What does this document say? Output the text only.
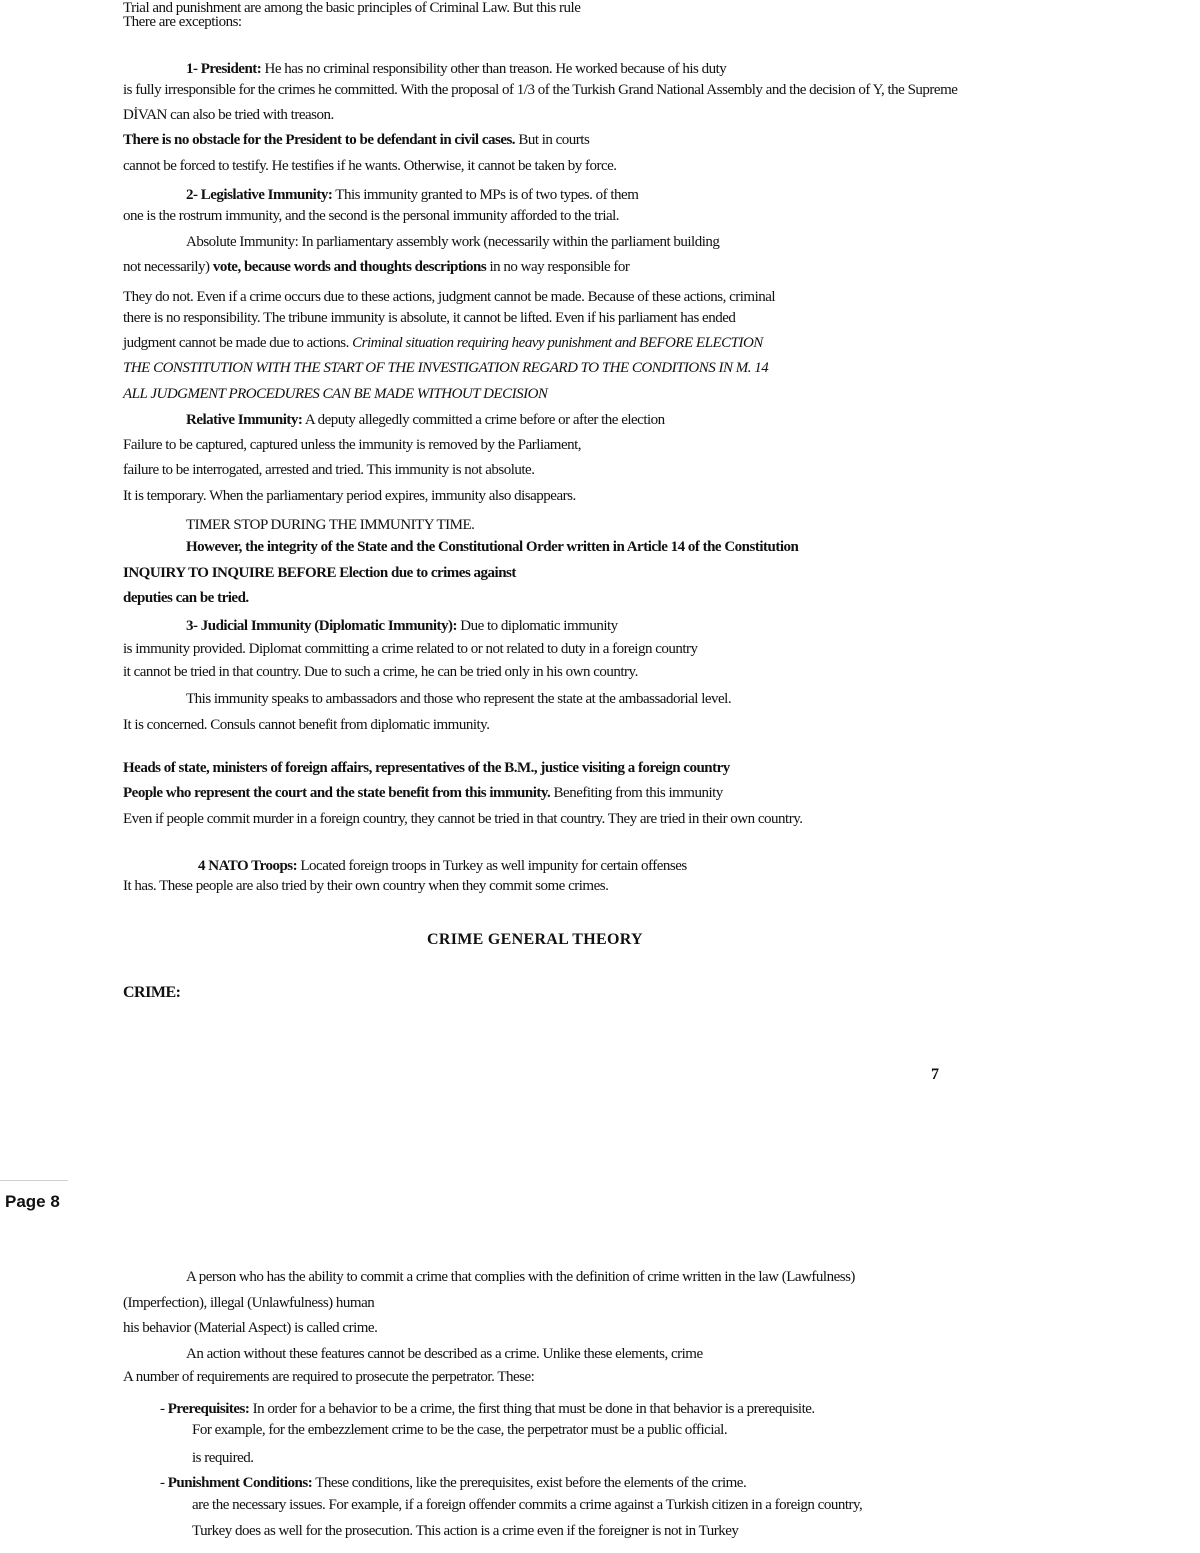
Trial and punishment are among the basic principles of Criminal Law. But this rule
There are exceptions:
1- President: He has no criminal responsibility other than treason. He worked because of his duty
is fully irresponsible for the crimes he committed. With the proposal of 1/3 of the Turkish Grand National Assembly and the decision of Y, the Supreme
DİVAN can also be tried with treason.
There is no obstacle for the President to be defendant in civil cases. But in courts
cannot be forced to testify. He testifies if he wants. Otherwise, it cannot be taken by force.
2- Legislative Immunity: This immunity granted to MPs is of two types. of them
one is the rostrum immunity, and the second is the personal immunity afforded to the trial.
Absolute Immunity: In parliamentary assembly work (necessarily within the parliament building
not necessarily) vote, because words and thoughts descriptions in no way responsible for
They do not. Even if a crime occurs due to these actions, judgment cannot be made. Because of these actions, criminal
there is no responsibility. The tribune immunity is absolute, it cannot be lifted. Even if his parliament has ended
judgment cannot be made due to actions. Criminal situation requiring heavy punishment and BEFORE ELECTION
THE CONSTITUTION WITH THE START OF THE INVESTIGATION REGARD TO THE CONDITIONS IN M. 14
ALL JUDGMENT PROCEDURES CAN BE MADE WITHOUT DECISION
Relative Immunity: A deputy allegedly committed a crime before or after the election
Failure to be captured, captured unless the immunity is removed by the Parliament,
failure to be interrogated, arrested and tried. This immunity is not absolute.
It is temporary. When the parliamentary period expires, immunity also disappears.
TIMER STOP DURING THE IMMUNITY TIME.
However, the integrity of the State and the Constitutional Order written in Article 14 of the Constitution
INQUIRY TO INQUIRE BEFORE Election due to crimes against
deputies can be tried.
3- Judicial Immunity (Diplomatic Immunity): Due to diplomatic immunity
is immunity provided. Diplomat committing a crime related to or not related to duty in a foreign country
it cannot be tried in that country. Due to such a crime, he can be tried only in his own country.
This immunity speaks to ambassadors and those who represent the state at the ambassadorial level.
It is concerned. Consuls cannot benefit from diplomatic immunity.
Heads of state, ministers of foreign affairs, representatives of the B.M., justice visiting a foreign country
People who represent the court and the state benefit from this immunity. Benefiting from this immunity
Even if people commit murder in a foreign country, they cannot be tried in that country. They are tried in their own country.
4 NATO Troops: Located foreign troops in Turkey as well impunity for certain offenses
It has. These people are also tried by their own country when they commit some crimes.
CRIME GENERAL THEORY
CRIME:
7
Page 8
A person who has the ability to commit a crime that complies with the definition of crime written in the law (Lawfulness)
(Imperfection), illegal (Unlawfulness) human
his behavior (Material Aspect) is called crime.
An action without these features cannot be described as a crime. Unlike these elements, crime
A number of requirements are required to prosecute the perpetrator. These:
- Prerequisites: In order for a behavior to be a crime, the first thing that must be done in that behavior is a prerequisite.
For example, for the embezzlement crime to be the case, the perpetrator must be a public official.
is required.
- Punishment Conditions: These conditions, like the prerequisites, exist before the elements of the crime.
are the necessary issues. For example, if a foreign offender commits a crime against a Turkish citizen in a foreign country,
Turkey does as well for the prosecution. This action is a crime even if the foreigner is not in Turkey
